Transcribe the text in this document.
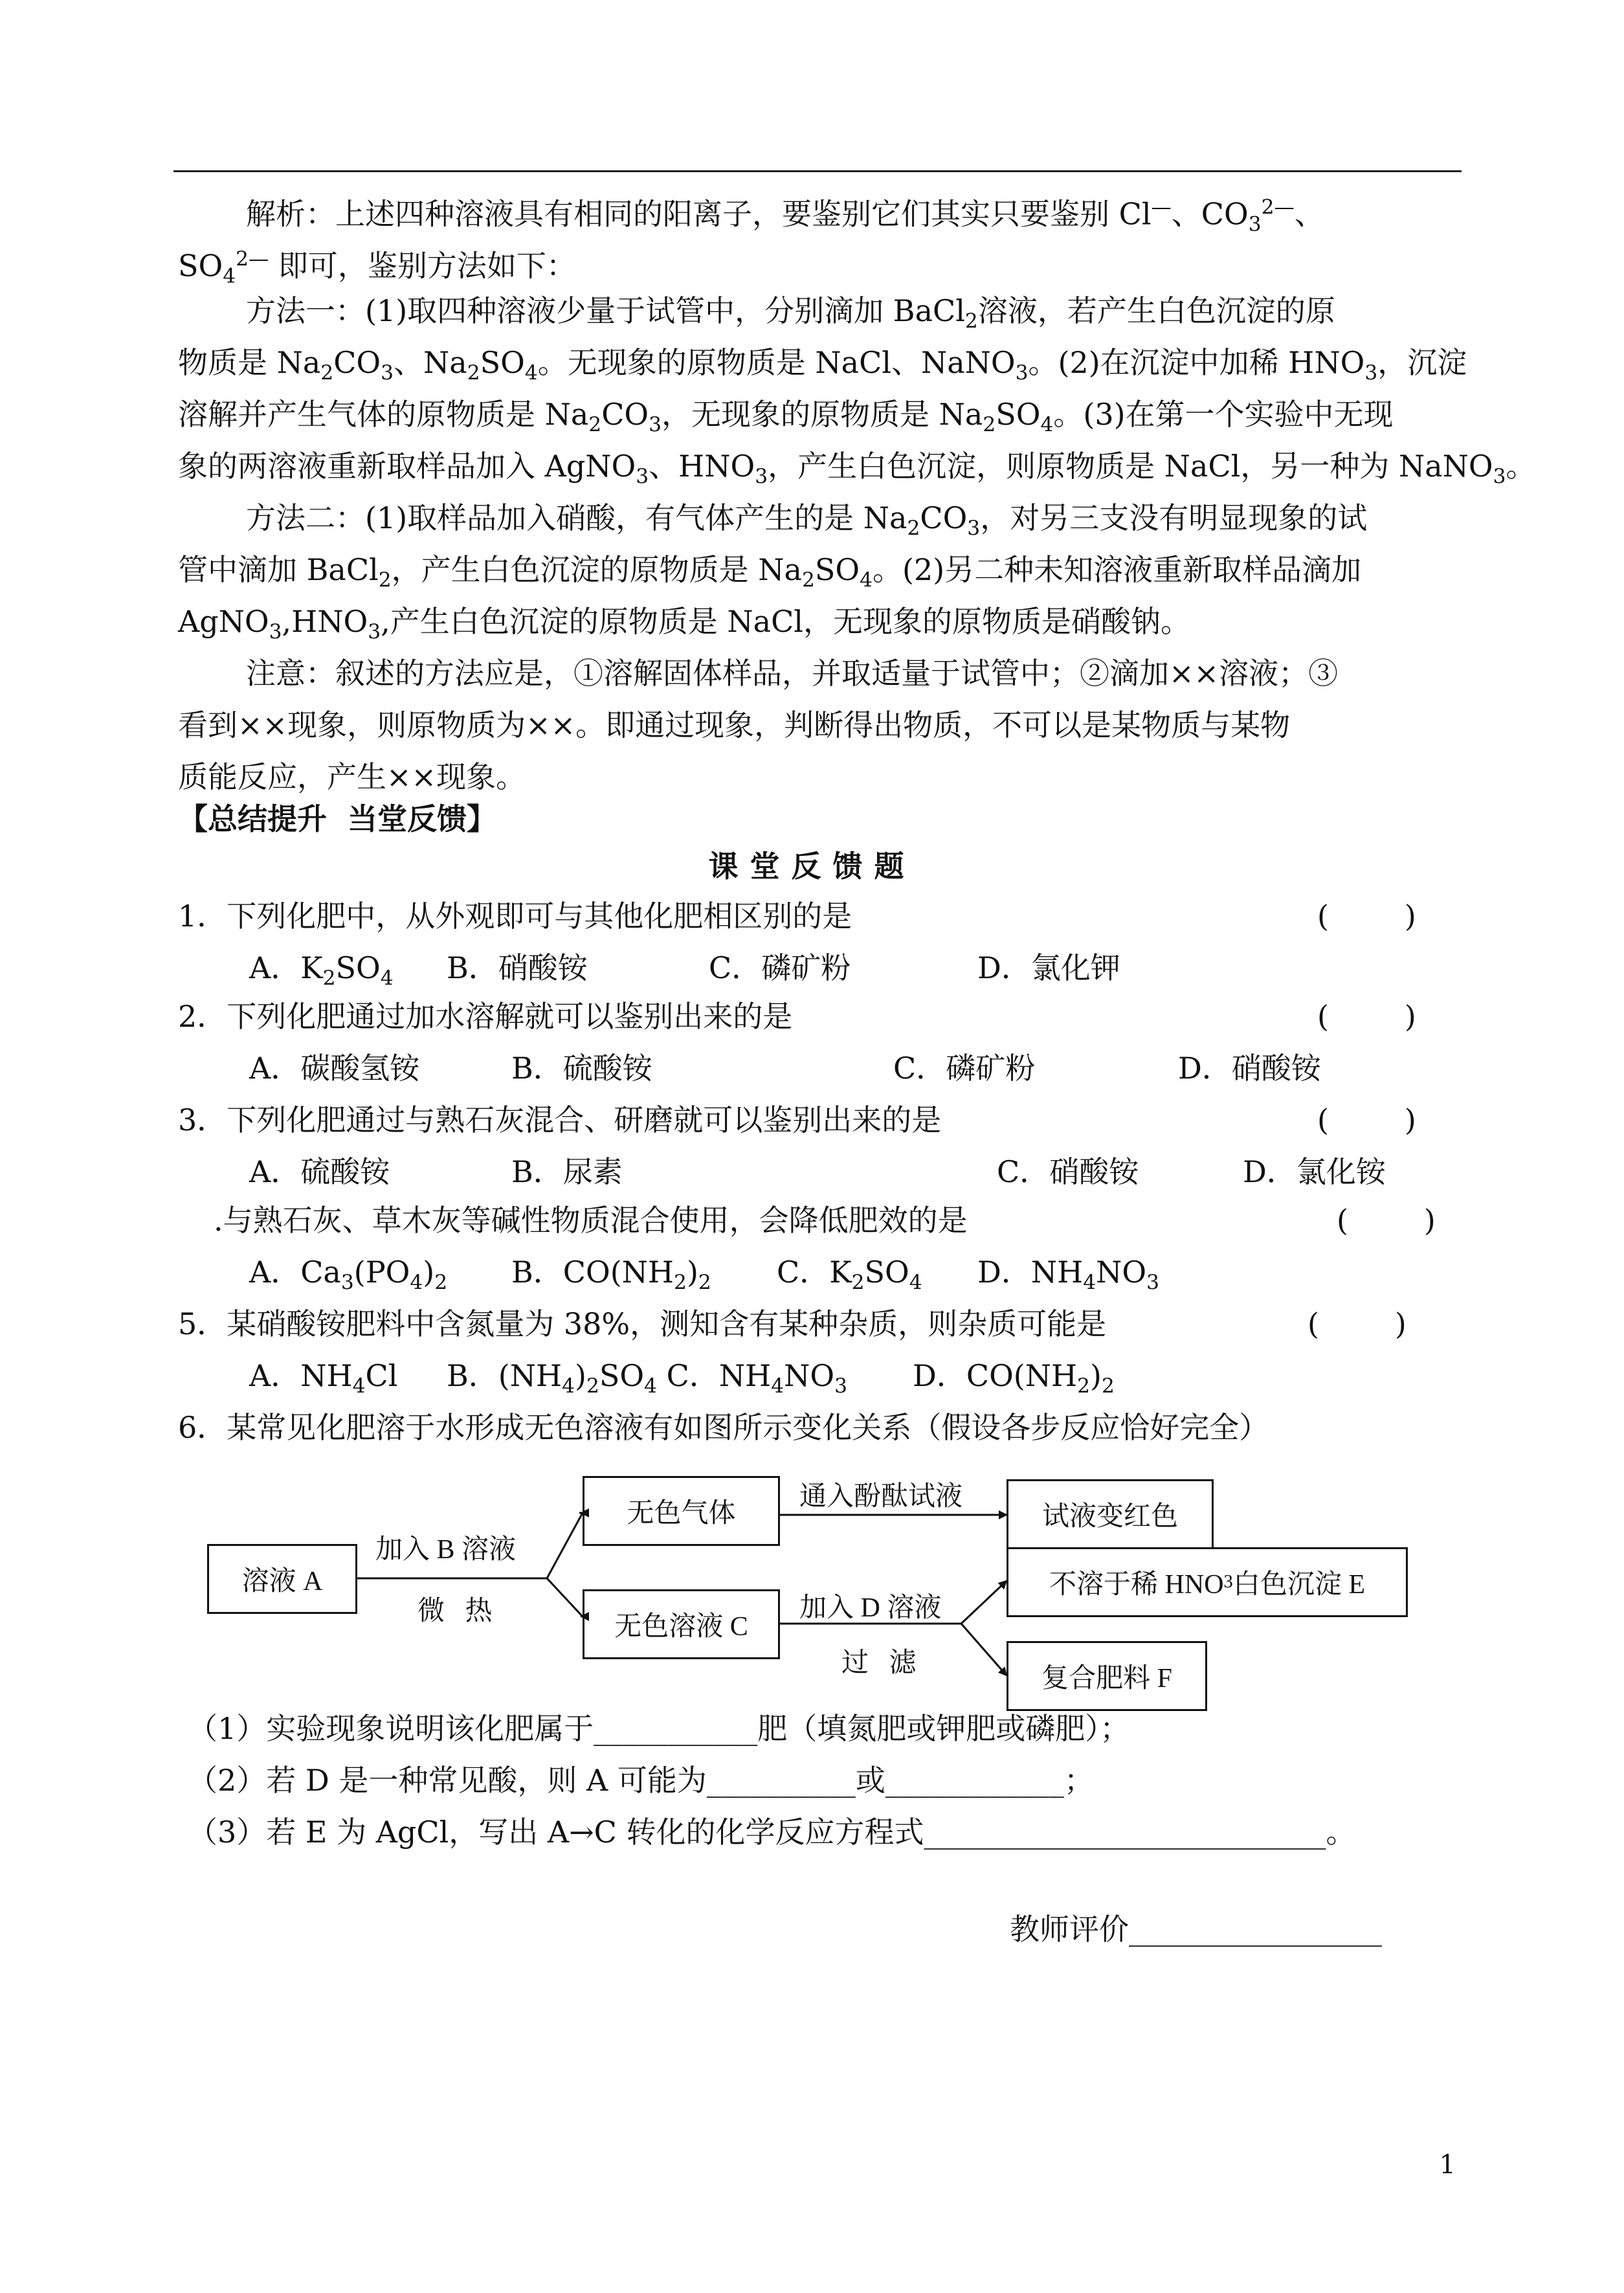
解析：上述四种溶液具有相同的阳离子，要鉴别它们其实只要鉴别 Cl—、$CO_3^{2—}$、
$SO_4^{2—}$ 即可，鉴别方法如下：
方法一：(1)取四种溶液少量于试管中，分别滴加 BaCl$_2$溶液，若产生白色沉淀的原
物质是 $Na_2CO_3$、$Na_2SO_4$。无现象的原物质是 NaCl、NaNO$_3$。(2)在沉淀中加稀 $HNO_3$，沉淀
溶解并产生气体的原物质是 $Na_2CO_3$，无现象的原物质是 $Na_2SO_4$。(3)在第一个实验中无现
象的两溶液重新取样品加入 AgNO$_3$、$HNO_3$，产生白色沉淀，则原物质是 NaCl，另一种为 NaNO$_3$。
方法二：(1)取样品加入硝酸，有气体产生的是 $Na_2CO_3$，对另三支没有明显现象的试
管中滴加 BaCl$_2$，产生白色沉淀的原物质是 $Na_2SO_4$。(2)另二种未知溶液重新取样品滴加
$AgNO_3,HNO_3$,产生白色沉淀的原物质是 NaCl，无现象的原物质是硝酸钠。
注意：叙述的方法应是，①溶解固体样品，并取适量于试管中；②滴加××溶液；③
看到××现象，则原物质为××。即通过现象，判断得出物质，不可以是某物质与某物
质能反应，产生××现象。
【总结提升  当堂反馈】
课堂反馈题
1．下列化肥中，从外观即可与其他化肥相区别的是	(        )
A．$K_2SO_4$ B．硝酸铵	C．磷矿粉	D．氯化钾
2．下列化肥通过加水溶解就可以鉴别出来的是	(        )
A．碳酸氢铵	B．硫酸铵	C．磷矿粉	D．硝酸铵
3．下列化肥通过与熟石灰混合、研磨就可以鉴别出来的是	(        )
A．硫酸铵	B．尿素	C．硝酸铵	D．氯化铵
.与熟石灰、草木灰等碱性物质混合使用，会降低肥效的是	(        )
A．$Ca_3(PO_4)_2$ B．$CO(NH_2)_2$ C．$K_2SO_4$ D．$NH_4NO_3$
5．某硝酸铵肥料中含氮量为 38%，测知含有某种杂质，则杂质可能是	(        )
A．$NH_4Cl$ B．$(NH_4)_2SO_4$ C．$NH_4NO_3$ D．$CO(NH_2)_2$
6．某常见化肥溶于水形成无色溶液有如图所示变化关系（假设各步反应恰好完全）
溶液 A
加入 B 溶液
微   热
无色气体
通入酚酞试液
试液变红色
无色溶液 C
加入 D 溶液
过   滤
不溶于稀 HNO 3 白色沉淀 E
复合肥料 F
（1）实验现象说明该化肥属于___________肥（填氮肥或钾肥或磷肥）；
（2）若 D 是一种常见酸，则 A 可能为__________或____________；
（3）若 E 为 AgCl，写出 A→C 转化的化学反应方程式___________________________。
教师评价_________________
1
